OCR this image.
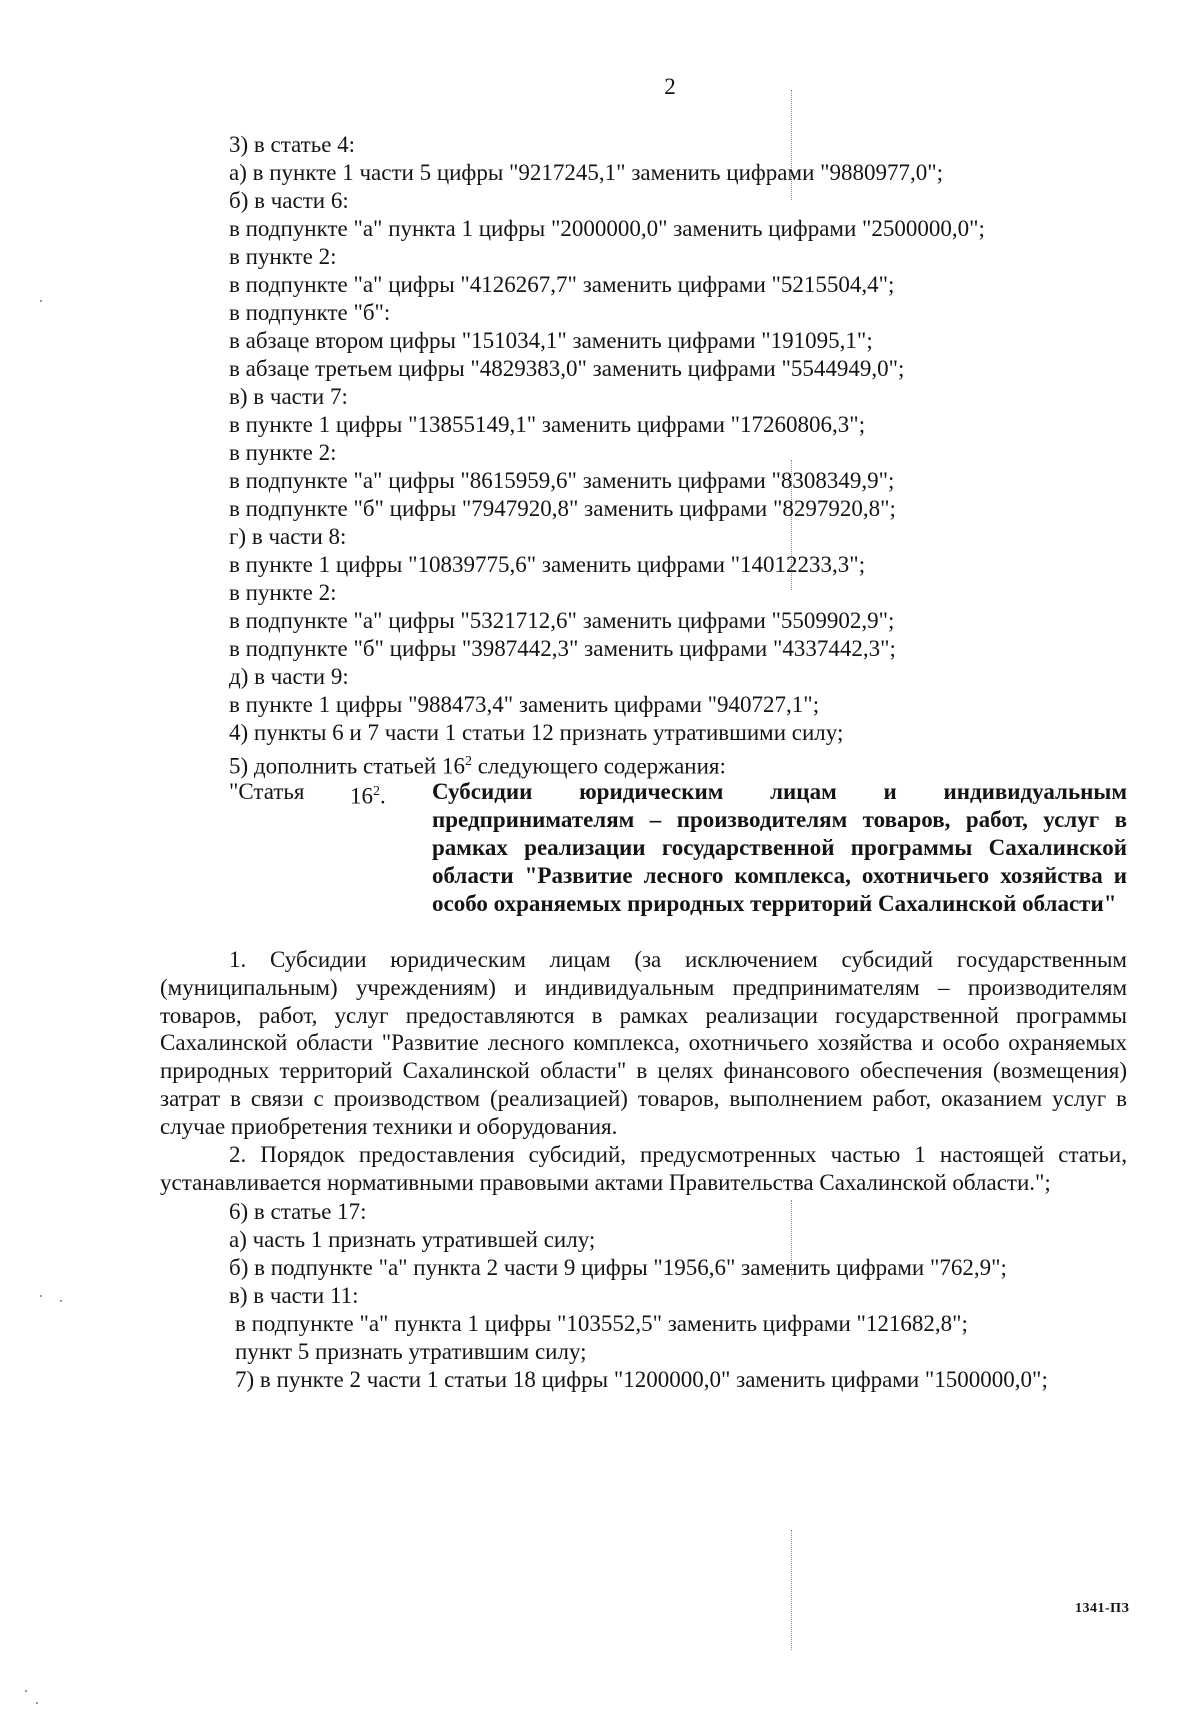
2
3) в статье 4:
а) в пункте 1 части 5 цифры "9217245,1" заменить цифрами "9880977,0";
б) в части 6:
в подпункте "а" пункта 1 цифры "2000000,0" заменить цифрами "2500000,0";
в пункте 2:
в подпункте "а" цифры "4126267,7" заменить цифрами "5215504,4";
в подпункте "б":
в абзаце втором цифры "151034,1" заменить цифрами "191095,1";
в абзаце третьем цифры "4829383,0" заменить цифрами "5544949,0";
в) в части 7:
в пункте 1 цифры "13855149,1" заменить цифрами "17260806,3";
в пункте 2:
в подпункте "а" цифры "8615959,6" заменить цифрами "8308349,9";
в подпункте "б" цифры "7947920,8" заменить цифрами "8297920,8";
г) в части 8:
в пункте 1 цифры "10839775,6" заменить цифрами "14012233,3";
в пункте 2:
в подпункте "а" цифры "5321712,6" заменить цифрами "5509902,9";
в подпункте "б" цифры "3987442,3" заменить цифрами "4337442,3";
д) в части 9:
в пункте 1 цифры "988473,4" заменить цифрами "940727,1";
4) пункты 6 и 7 части 1 статьи 12 признать утратившими силу;
5) дополнить статьей $16^2$ следующего содержания:
"Статья $16^2$. Субсидии юридическим лицам и индивидуальным предпринимателям – производителям товаров, работ, услуг в рамках реализации государственной программы Сахалинской области "Развитие лесного комплекса, охотничьего хозяйства и особо охраняемых природных территорий Сахалинской области"
1. Субсидии юридическим лицам (за исключением субсидий государственным (муниципальным) учреждениям) и индивидуальным предпринимателям – производителям товаров, работ, услуг предоставляются в рамках реализации государственной программы Сахалинской области "Развитие лесного комплекса, охотничьего хозяйства и особо охраняемых природных территорий Сахалинской области" в целях финансового обеспечения (возмещения) затрат в связи с производством (реализацией) товаров, выполнением работ, оказанием услуг в случае приобретения техники и оборудования.
2. Порядок предоставления субсидий, предусмотренных частью 1 настоящей статьи, устанавливается нормативными правовыми актами Правительства Сахалинской области.";
6) в статье 17:
а) часть 1 признать утратившей силу;
б) в подпункте "а" пункта 2 части 9 цифры "1956,6" заменить цифрами "762,9";
в) в части 11:
в подпункте "а" пункта 1 цифры "103552,5" заменить цифрами "121682,8";
пункт 5 признать утратившим силу;
7) в пункте 2 части 1 статьи 18 цифры "1200000,0" заменить цифрами "1500000,0";
1341-ПЗ
